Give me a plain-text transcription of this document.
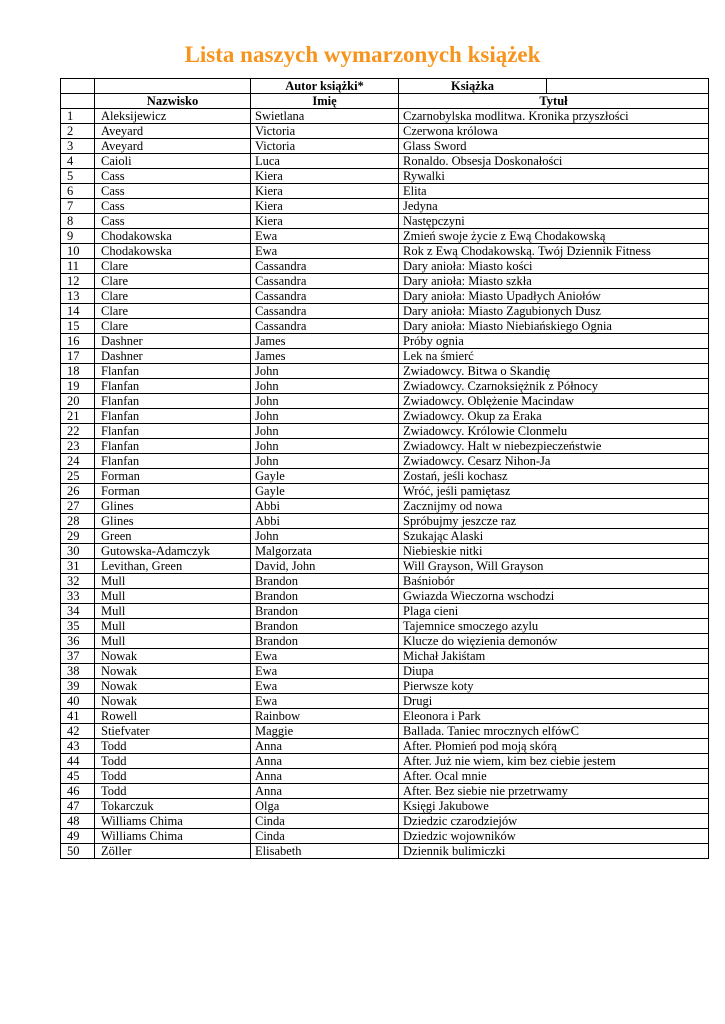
Lista naszych wymarzonych książek
		Autor książki*	Książka	
	Nazwisko	Imię	Tytuł	
1	Aleksijewicz	Swietlana	Czarnobylska modlitwa. Kronika przyszłości	
2	Aveyard	Victoria	Czerwona królowa	
3	Aveyard	Victoria	Glass Sword	
4	Caioli	Luca	Ronaldo. Obsesja Doskonałości	
5	Cass	Kiera	Rywalki	
6	Cass	Kiera	Elita	
7	Cass	Kiera	Jedyna	
8	Cass	Kiera	Następczyni	
9	Chodakowska	Ewa	Zmień swoje życie z Ewą Chodakowską	
10	Chodakowska	Ewa	Rok z Ewą Chodakowską. Twój Dziennik Fitness	
11	Clare	Cassandra	Dary anioła: Miasto kości	
12	Clare	Cassandra	Dary anioła: Miasto szkła	
13	Clare	Cassandra	Dary anioła: Miasto Upadłych Aniołów	
14	Clare	Cassandra	Dary anioła: Miasto Zagubionych Dusz	
15	Clare	Cassandra	Dary anioła: Miasto Niebiańskiego Ognia	
16	Dashner	James	Próby ognia	
17	Dashner	James	Lek na śmierć	
18	Flanfan	John	Zwiadowcy. Bitwa o Skandię	
19	Flanfan	John	Zwiadowcy. Czarnoksiężnik z Północy	
20	Flanfan	John	Zwiadowcy. Oblężenie Macindaw	
21	Flanfan	John	Zwiadowcy. Okup za Eraka	
22	Flanfan	John	Zwiadowcy. Królowie Clonmelu	
23	Flanfan	John	Zwiadowcy. Halt w niebezpieczeństwie	
24	Flanfan	John	Zwiadowcy. Cesarz Nihon-Ja	
25	Forman	Gayle	Zostań, jeśli kochasz	
26	Forman	Gayle	Wróć, jeśli pamiętasz	
27	Glines	Abbi	Zacznijmy od nowa	
28	Glines	Abbi	Spróbujmy jeszcze raz	
29	Green	John	Szukając Alaski	
30	Gutowska-Adamczyk	Malgorzata	Niebieskie nitki	
31	Levithan, Green	David, John	Will Grayson, Will Grayson	
32	Mull	Brandon	Baśniobór	
33	Mull	Brandon	Gwiazda Wieczorna wschodzi	
34	Mull	Brandon	Plaga cieni	
35	Mull	Brandon	Tajemnice smoczego azylu	
36	Mull	Brandon	Klucze do więzienia demonów	
37	Nowak	Ewa	Michał Jakiśtam	
38	Nowak	Ewa	Diupa	
39	Nowak	Ewa	Pierwsze koty	
40	Nowak	Ewa	Drugi	
41	Rowell	Rainbow	Eleonora i Park	
42	Stiefvater	Maggie	Ballada. Taniec mrocznych elfówC	
43	Todd	Anna	After. Płomień pod moją skórą	
44	Todd	Anna	After. Już nie wiem, kim bez ciebie jestem	
45	Todd	Anna	After. Ocal mnie	
46	Todd	Anna	After. Bez siebie nie przetrwamy	
47	Tokarczuk	Olga	Księgi Jakubowe	
48	Williams Chima	Cinda	Dziedzic czarodziejów	
49	Williams Chima	Cinda	Dziedzic wojowników	
50	Zöller	Elisabeth	Dziennik bulimiczki	
